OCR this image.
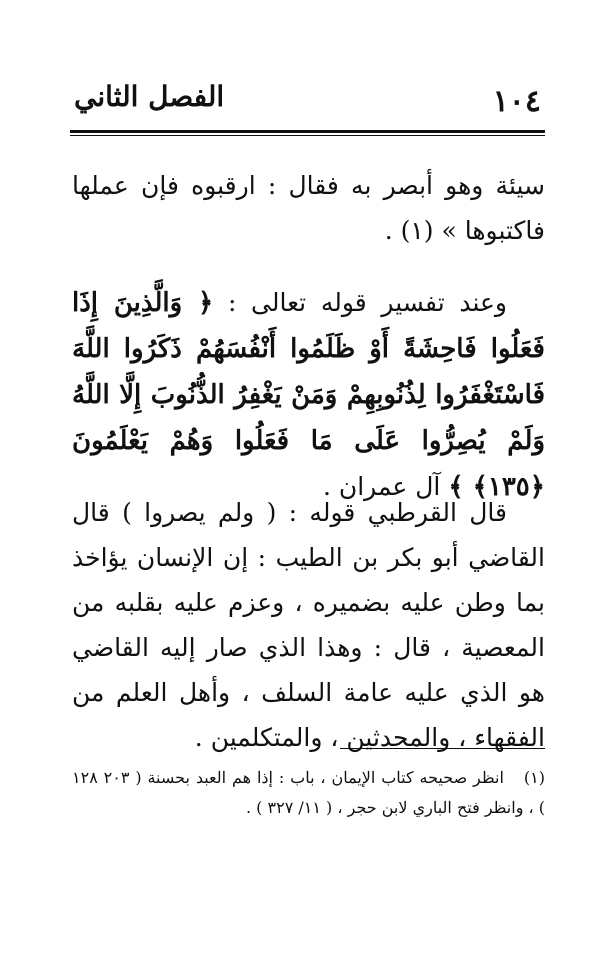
١٠٤
الفصل الثاني
سيئة وهو أبصر به فقال : ارقبوه فإن عملها فاكتبوها » (١) .
وعند تفسير قوله تعالى : ﴿ وَالَّذِينَ إِذَا فَعَلُوا فَاحِشَةً أَوْ ظَلَمُوا أَنْفُسَهُمْ ذَكَرُوا اللَّهَ فَاسْتَغْفَرُوا لِذُنُوبِهِمْ وَمَنْ يَغْفِرُ الذُّنُوبَ إِلَّا اللَّهُ وَلَمْ يُصِرُّوا عَلَى مَا فَعَلُوا وَهُمْ يَعْلَمُونَ ﴿١٣٥﴾ ﴾ آل عمران .
قال القرطبي قوله : ( ولم يصروا ) قال القاضي أبو بكر بن الطيب : إن الإنسان يؤاخذ بما وطن عليه بضميره ، وعزم عليه بقلبه من المعصية ، قال : وهذا الذي صار إليه القاضي هو الذي عليه عامة السلف ، وأهل العلم من الفقهاء ، والمحدثين ، والمتكلمين .
(١)انظر صحيحه كتاب الإيمان ، باب : إذا هم العبد بحسنة ( ٢٠٣ ١٢٨ ) ، وانظر فتح الباري لابن حجر ، ( ١١/ ٣٢٧ ) .
